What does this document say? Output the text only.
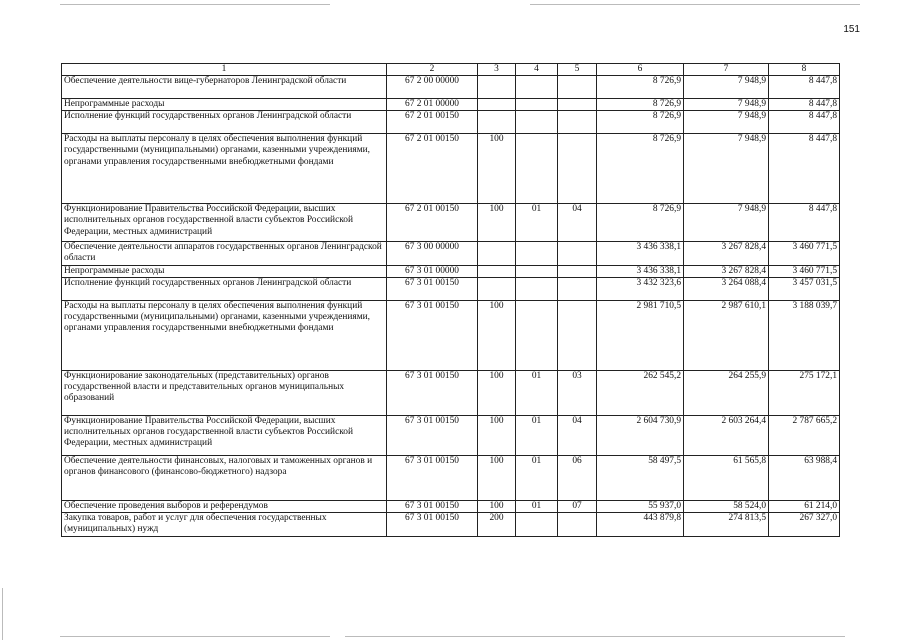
151
1	2	3	4	5	6	7	8
Обеспечение деятельности вице-губернаторов Ленинградской области	67 2 00 00000				8 726,9	7 948,9	8 447,8
Непрограммные расходы	67 2 01 00000				8 726,9	7 948,9	8 447,8
Исполнение функций государственных органов Ленинградской области	67 2 01 00150				8 726,9	7 948,9	8 447,8
Расходы на выплаты персоналу в целях обеспечения выполнения функций государственными (муниципальными) органами, казенными учреждениями, органами управления государственными внебюджетными фондами	67 2 01 00150	100			8 726,9	7 948,9	8 447,8
Функционирование Правительства Российской Федерации, высших исполнительных органов государственной власти субъектов Российской Федерации, местных администраций	67 2 01 00150	100	01	04	8 726,9	7 948,9	8 447,8
Обеспечение деятельности аппаратов государственных органов Ленинградской области	67 3 00 00000				3 436 338,1	3 267 828,4	3 460 771,5
Непрограммные расходы	67 3 01 00000				3 436 338,1	3 267 828,4	3 460 771,5
Исполнение функций государственных органов Ленинградской области	67 3 01 00150				3 432 323,6	3 264 088,4	3 457 031,5
Расходы на выплаты персоналу в целях обеспечения выполнения функций государственными (муниципальными) органами, казенными учреждениями, органами управления государственными внебюджетными фондами	67 3 01 00150	100			2 981 710,5	2 987 610,1	3 188 039,7
Функционирование законодательных (представительных) органов государственной власти и представительных органов муниципальных образований	67 3 01 00150	100	01	03	262 545,2	264 255,9	275 172,1
Функционирование Правительства Российской Федерации, высших исполнительных органов государственной власти субъектов Российской Федерации, местных администраций	67 3 01 00150	100	01	04	2 604 730,9	2 603 264,4	2 787 665,2
Обеспечение деятельности финансовых, налоговых и таможенных органов и органов финансового (финансово-бюджетного) надзора	67 3 01 00150	100	01	06	58 497,5	61 565,8	63 988,4
Обеспечение проведения выборов и референдумов	67 3 01 00150	100	01	07	55 937,0	58 524,0	61 214,0
Закупка товаров, работ и услуг для обеспечения государственных (муниципальных) нужд	67 3 01 00150	200			443 879,8	274 813,5	267 327,0
